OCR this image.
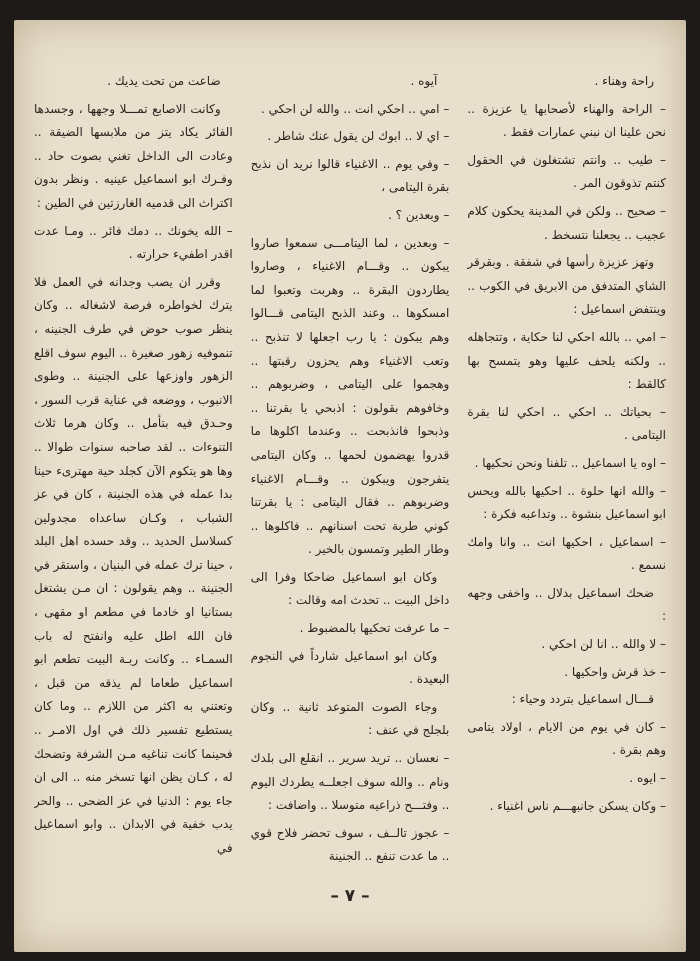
راحة وهناء .

– الراحة والهناء لأصحابها يا عزيزة .. نحن علينا ان نبني عمارات فقط .

– طيب .. وانتم تشتغلون في الحقول كنتم تذوقون المر .

– صحيح .. ولكن في المدينة يحكون كلام عجيب .. يجعلنا نتسخط .

وتهز عزيزة رأسها في شفقة . وبقرقر الشاي المتدفق من الابريق في الكوب .. وينتفض اسماعيل :

– امي .. بالله احكي لنا حكاية ، وتتجاهله .. ولكنه يلحف عليها وهو يتمسح بها كالقط :

– بحياتك .. احكي .. احكي لنا بقرة اليتامى .

– اوه يا اسماعيل .. تلفنا ونحن نحكيها .

– والله انها حلوة .. احكيها بالله ويحس ابو اسماعيل بنشوة .. وتداعبه فكرة :

– اسماعيل ، احكيها انت .. وانا وامك نسمع .

ضحك اسماعيل بدلال .. واخفى وجهه :

– لا والله .. انا لن احكي .

– خذ قرش واحكيها .

قـــال اسماعيل بتردد وحياء :

– كان في يوم من الايام ، اولاد يتامى وهم بقرة .

– ايوه .

– وكان يسكن جانبهـــم ناس اغنياء .

آيوه .

– امي .. احكي انت .. والله لن احكي .

– اي لا .. ابوك لن يقول عنك شاطر .

– وفي يوم .. الاغنياء قالوا نريد ان نذبح بقرة اليتامى ،

– وبعدين ؟ .

– وبعدين ، لما اليتامـــى سمعوا صاروا يبكون .. وقـــام الاغنياء ، وصاروا يطاردون البقرة .. وهربت وتعبوا لما امسكوها .. وعند الذبح اليتامى قـــالوا وهم يبكون : يا رب اجعلها لا تنذبح .. وتعب الاغنياء وهم يحزون رقبتها .. وهجموا على اليتامى ، وضربوهم .. وخافوهم بقولون : اذبحي يا بقرتنا .. وذبحوا فانذبحت .. وعندما اكلوها ما قدروا يهضمون لحمها .. وكان اليتامى يتفرجون ويبكون .. وقـــام الاغنياء وضربوهم .. فقال اليتامى : يا بقرتنا كوني طربة تحت اسنانهم .. فاكلوها .. وطار الطير وتمسون بالخير .

وكان ابو اسماعيل ضاحكا وفرا الى داخل البيت .. تحدث امه وقالت :

– ما عرفت تحكيها بالمضبوط .

وكان ابو اسماعيل شارداً في النجوم البعيدة .

وجاء الصوت المتوعد ثانية .. وكان بلجلج في عنف :

– نعسان .. تريد سرير .. انقلع الى بلدك ونام .. والله سوف اجعلــه يطردك اليوم .. وفتـــح ذراعيه متوسلا .. واضافت :

– عجوز تالــف ، سوف تحضر فلاح قوي .. ما عدت تنفع .. الجنينة

ضاعت من تحت يديك .

وكانت الاصابع تمـــلا وجهها ، وجسدها الفائر يكاد يتز من ملابسها الضيقة .. وعادت الى الداخل تغني بصوت حاد .. وفـرك ابو اسماعيل عينيه . ونظر بدون اكتراث الى قدميه الغارزتين في الطين :

– الله يخونك .. دمك فائر .. ومـا عدت اقدر اطفيء حرارته .

وقرر ان يصب وجدانه في العمل فلا يترك لخواطره فرصة لاشغاله .. وكان ينظر صوب حوض في طرف الجنينه ، تنموفيه زهور صغيرة .. اليوم سوف اقلع الزهور واوزعها على الجنينة .. وطوى الانبوب ، ووضعه في عناية قرب السور ، وحـدق فيه بتأمل .. وكان هرما ثلاث التنوءات .. لقد صاحبه سنوات طوالا .. وها هو يتكوم الآن كجلد حية مهترىء حينا بدا عمله في هذه الجنينة ، كان في عز الشباب ، وكـان ساعداه مجدولين كسلاسل الحديد .. وقد حسده اهل البلد ، حينا ترك عمله في البنيان ، واستقر في الجنينة .. وهم يقولون : ان مـن يشتغل بستانيا او خادما في مطعم او مقهى ، فان الله اطل عليه وانفتح له باب السمـاء .. وكانت ربـة البيت تطعم ابو اسماعيل طعاما لم يذقه من قبل ، وتعتني به اكثر من اللازم .. وما كان يستطيع تفسير ذلك في اول الامـر .. فحينما كانت تناغيه مـن الشرفة وتضحك له ، كـان يظن انها تسخر منه .. الى ان جاء يوم : الدنيا في عز الضحى .. والحر يدب خفية في الابدان .. وابو اسماعيل في

– ٧ –
